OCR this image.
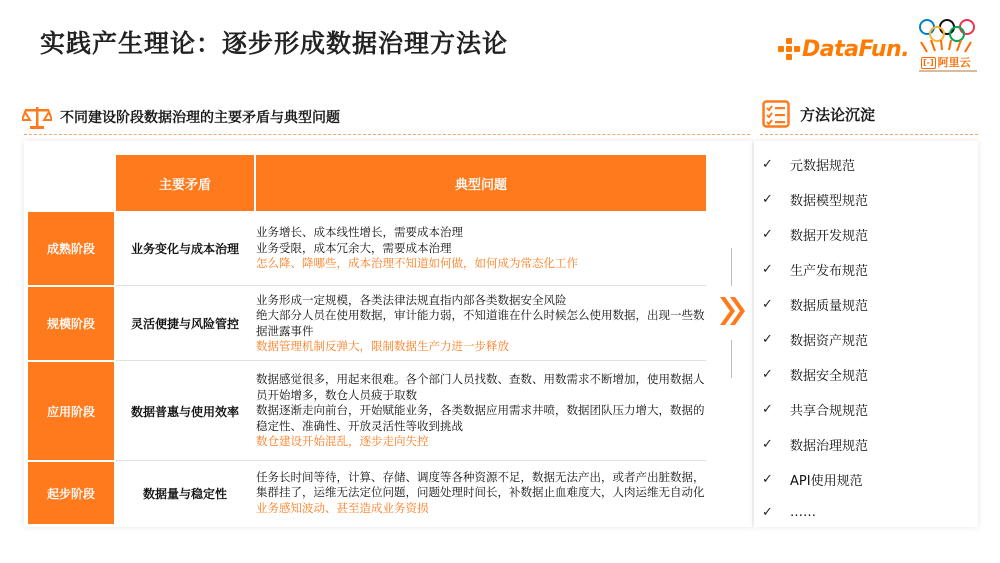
实践产生理论：逐步形成数据治理方法论	DataFun.
[-] 阿里云
不同建设阶段数据治理的主要矛盾与典型问题
主要矛盾	典型问题
成熟阶段	业务变化与成本治理
业务增长、成本线性增长，需要成本治理
业务受限，成本冗余大，需要成本治理
怎么降、降哪些，成本治理不知道如何做，如何成为常态化工作
规模阶段	灵活便捷与风险管控
业务形成一定规模，各类法律法规直指内部各类数据安全风险
绝大部分人员在使用数据，审计能力弱，不知道谁在什么时候怎么使用数据，出现一些数据泄露事件
数据管理机制反弹大，限制数据生产力进一步释放
应用阶段	数据普惠与使用效率
数据感觉很多，用起来很难。各个部门人员找数、查数、用数需求不断增加，使用数据人员开始增多，数仓人员疲于取数
数据逐渐走向前台，开始赋能业务，各类数据应用需求井喷，数据团队压力增大，数据的稳定性、准确性、开放灵活性等收到挑战
数仓建设开始混乱，逐步走向失控
起步阶段	数据量与稳定性
任务长时间等待，计算、存储、调度等各种资源不足，数据无法产出，或者产出脏数据，集群挂了，运维无法定位问题，问题处理时间长，补数据止血难度大，人肉运维无自动化
业务感知波动、甚至造成业务资损
方法论沉淀
✓	元数据规范
✓	数据模型规范
✓	数据开发规范
✓	生产发布规范
✓	数据质量规范
✓	数据资产规范
✓	数据安全规范
✓	共享合规规范
✓	数据治理规范
✓	API使用规范
✓	……
